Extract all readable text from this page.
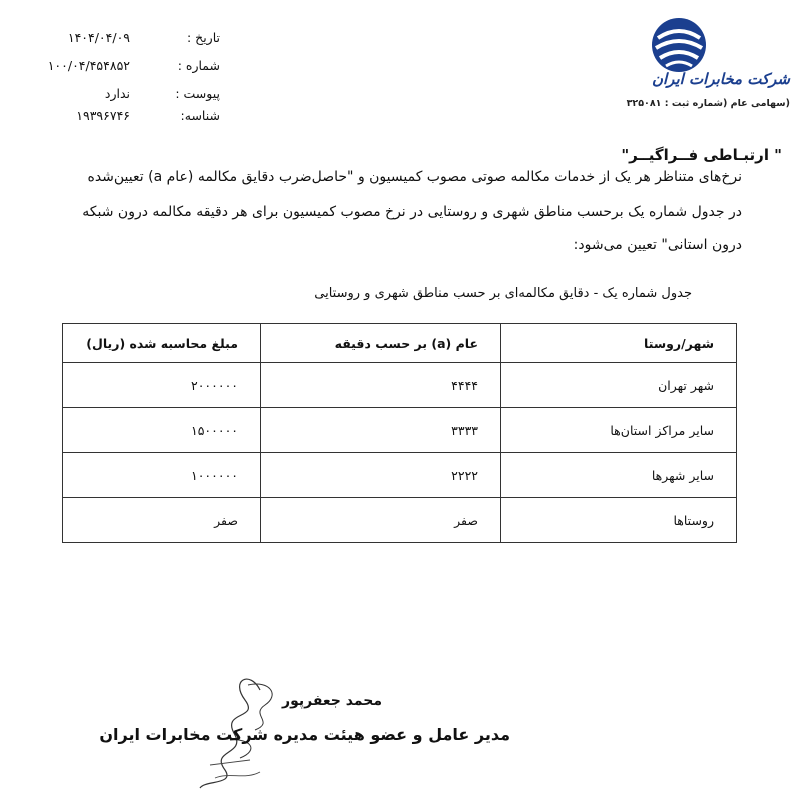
۱۴۰۴/۰۴/۰۹	تاریخ :
۱۰۰/۰۴/۴۵۴۸۵۲	شماره :
ندارد	پیوست :
۱۹۳۹۶۷۴۶	شناسه:
شرکت مخابرات ایران
(سهامی عام (شماره ثبت : ۳۲۵۰۸۱
" ارتبـاطی فــراگیــر"
نرخ‌های متناظر هر یک از خدمات مکالمه صوتی مصوب کمیسیون و "حاصل‌ضرب دقایق مکالمه (عام a) تعیین‌شده
در جدول شماره یک برحسب مناطق شهری و روستایی در نرخ مصوب کمیسیون برای هر دقیقه مکالمه درون شبکه
درون استانی" تعیین می‌شود:
جدول شماره یک - دقایق مکالمه‌ای بر حسب مناطق شهری و روستایی
شهر/روستا	عام (a) بر حسب دقیقه	مبلغ محاسبه شده (ریال)
شهر تهران	۴۴۴۴	۲۰۰۰۰۰۰
سایر مراکز استان‌ها	۳۳۳۳	۱۵۰۰۰۰۰
سایر شهرها	۲۲۲۲	۱۰۰۰۰۰۰
روستاها	صفر	صفر
محمد جعفرپور
مدیر عامل و عضو هیئت مدیره شرکت مخابرات ایران
